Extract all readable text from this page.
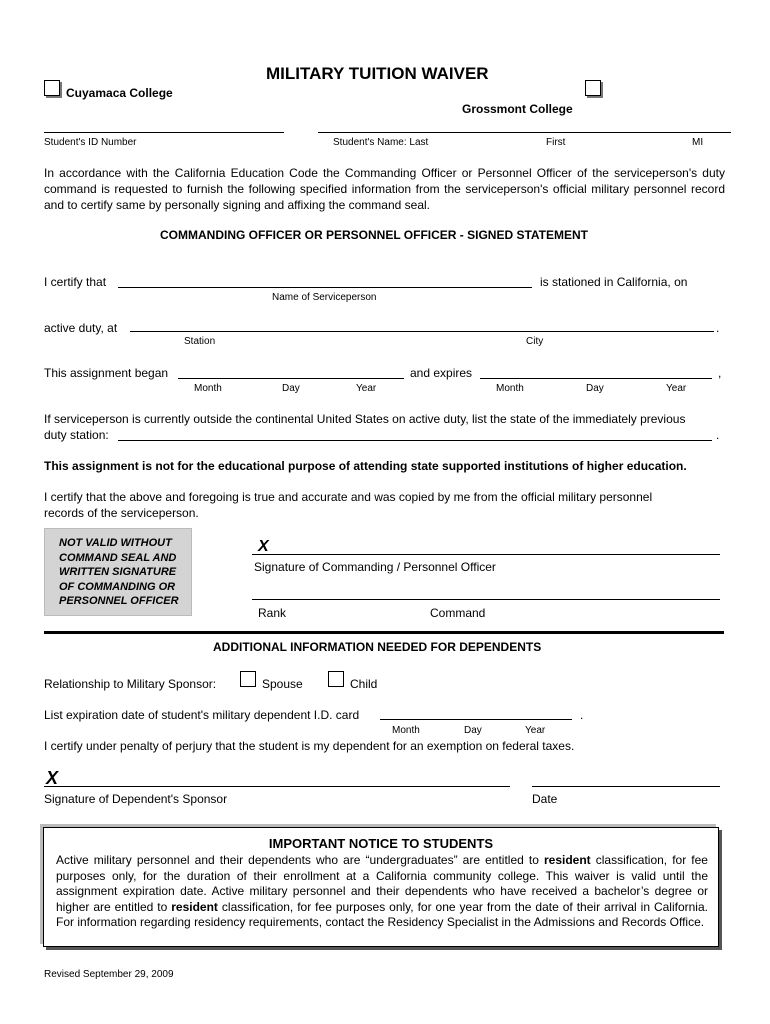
MILITARY TUITION WAIVER
Cuyamaca College
Grossmont College
Student's ID Number	Student's Name: Last	First	MI
In accordance with the California Education Code the Commanding Officer or Personnel Officer of the serviceperson's duty command is requested to furnish the following specified information from the serviceperson's official military personnel record and to certify same by personally signing and affixing the command seal.
COMMANDING OFFICER OR PERSONNEL OFFICER - SIGNED STATEMENT
I certify that	is stationed in California, on
Name of Serviceperson
active duty, at	.
Station	City
This assignment began	and expires	,
Month	Day	Year	Month	Day	Year
If serviceperson is currently outside the continental United States on active duty, list the state of the immediately previous
duty station:	.
This assignment is not for the educational purpose of attending state supported institutions of higher education.
I certify that the above and foregoing is true and accurate and was copied by me from the official military personnel records of the serviceperson.
NOT VALID WITHOUT
COMMAND SEAL AND
WRITTEN SIGNATURE
OF COMMANDING OR
PERSONNEL OFFICER
X
Signature of Commanding / Personnel Officer
Rank	Command
ADDITIONAL INFORMATION NEEDED FOR DEPENDENTS
Relationship to Military Sponsor:	Spouse	Child
List expiration date of student's military dependent I.D. card	.
Month	Day	Year
I certify under penalty of perjury that the student is my dependent for an exemption on federal taxes.
X
Signature of Dependent's Sponsor	Date
IMPORTANT NOTICE TO STUDENTS
Active military personnel and their dependents who are “undergraduates” are entitled to resident classification, for fee purposes only, for the duration of their enrollment at a California community college. This waiver is valid until the assignment expiration date. Active military personnel and their dependents who have received a bachelor’s degree or higher are entitled to resident classification, for fee purposes only, for one year from the date of their arrival in California. For information regarding residency requirements, contact the Residency Specialist in the Admissions and Records Office.
Revised September 29, 2009
